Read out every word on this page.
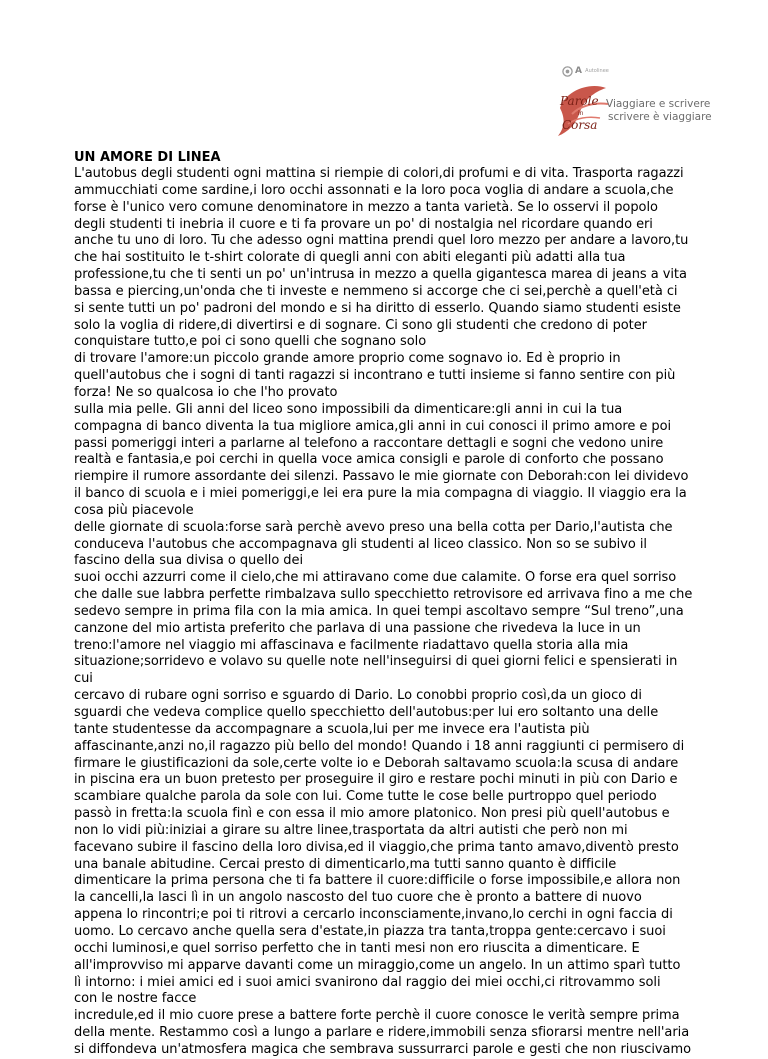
A Autolinee
Parole
in
Corsa
Viaggiare e scrivere
scrivere è viaggiare
UN AMORE DI LINEA
L'autobus degli studenti ogni mattina si riempie di colori,di profumi e di vita. Trasporta ragazzi
ammucchiati come sardine,i loro occhi assonnati e la loro poca voglia di andare a scuola,che
forse è l'unico vero comune denominatore in mezzo a tanta varietà. Se lo osservi il popolo
degli studenti ti inebria il cuore e ti fa provare un po' di nostalgia nel ricordare quando eri
anche tu uno di loro. Tu che adesso ogni mattina prendi quel loro mezzo per andare a lavoro,tu
che hai sostituito le t-shirt colorate di quegli anni con abiti eleganti più adatti alla tua
professione,tu che ti senti un po' un'intrusa in mezzo a quella gigantesca marea di jeans a vita
bassa e piercing,un'onda che ti investe e nemmeno si accorge che ci sei,perchè a quell'età ci
si sente tutti un po' padroni del mondo e si ha diritto di esserlo. Quando siamo studenti esiste
solo la voglia di ridere,di divertirsi e di sognare. Ci sono gli studenti che credono di poter
conquistare tutto,e poi ci sono quelli che sognano solo
di trovare l'amore:un piccolo grande amore proprio come sognavo io. Ed è proprio in
quell'autobus che i sogni di tanti ragazzi si incontrano e tutti insieme si fanno sentire con più
forza! Ne so qualcosa io che l'ho provato
sulla mia pelle. Gli anni del liceo sono impossibili da dimenticare:gli anni in cui la tua
compagna di banco diventa la tua migliore amica,gli anni in cui conosci il primo amore e poi
passi pomeriggi interi a parlarne al telefono a raccontare dettagli e sogni che vedono unire
realtà e fantasia,e poi cerchi in quella voce amica consigli e parole di conforto che possano
riempire il rumore assordante dei silenzi. Passavo le mie giornate con Deborah:con lei dividevo
il banco di scuola e i miei pomeriggi,e lei era pure la mia compagna di viaggio. Il viaggio era la
cosa più piacevole
delle giornate di scuola:forse sarà perchè avevo preso una bella cotta per Dario,l'autista che
conduceva l'autobus che accompagnava gli studenti al liceo classico. Non so se subivo il
fascino della sua divisa o quello dei
suoi occhi azzurri come il cielo,che mi attiravano come due calamite. O forse era quel sorriso
che dalle sue labbra perfette rimbalzava sullo specchietto retrovisore ed arrivava fino a me che
sedevo sempre in prima fila con la mia amica. In quei tempi ascoltavo sempre “Sul treno”,una
canzone del mio artista preferito che parlava di una passione che rivedeva la luce in un
treno:l'amore nel viaggio mi affascinava e facilmente riadattavo quella storia alla mia
situazione;sorridevo e volavo su quelle note nell'inseguirsi di quei giorni felici e spensierati in
cui
cercavo di rubare ogni sorriso e sguardo di Dario. Lo conobbi proprio così,da un gioco di
sguardi che vedeva complice quello specchietto dell'autobus:per lui ero soltanto una delle
tante studentesse da accompagnare a scuola,lui per me invece era l'autista più
affascinante,anzi no,il ragazzo più bello del mondo! Quando i 18 anni raggiunti ci permisero di
firmare le giustificazioni da sole,certe volte io e Deborah saltavamo scuola:la scusa di andare
in piscina era un buon pretesto per proseguire il giro e restare pochi minuti in più con Dario e
scambiare qualche parola da sole con lui. Come tutte le cose belle purtroppo quel periodo
passò in fretta:la scuola finì e con essa il mio amore platonico. Non presi più quell'autobus e
non lo vidi più:iniziai a girare su altre linee,trasportata da altri autisti che però non mi
facevano subire il fascino della loro divisa,ed il viaggio,che prima tanto amavo,diventò presto
una banale abitudine. Cercai presto di dimenticarlo,ma tutti sanno quanto è difficile
dimenticare la prima persona che ti fa battere il cuore:difficile o forse impossibile,e allora non
la cancelli,la lasci lì in un angolo nascosto del tuo cuore che è pronto a battere di nuovo
appena lo rincontri;e poi ti ritrovi a cercarlo inconsciamente,invano,lo cerchi in ogni faccia di
uomo. Lo cercavo anche quella sera d'estate,in piazza tra tanta,troppa gente:cercavo i suoi
occhi luminosi,e quel sorriso perfetto che in tanti mesi non ero riuscita a dimenticare. E
all'improvviso mi apparve davanti come un miraggio,come un angelo. In un attimo sparì tutto
lì intorno: i miei amici ed i suoi amici svanirono dal raggio dei miei occhi,ci ritrovammo soli
con le nostre facce
incredule,ed il mio cuore prese a battere forte perchè il cuore conosce le verità sempre prima
della mente. Restammo così a lungo a parlare e ridere,immobili senza sfiorarsi mentre nell'aria
si diffondeva un'atmosfera magica che sembrava sussurrarci parole e gesti che non riuscivamo
